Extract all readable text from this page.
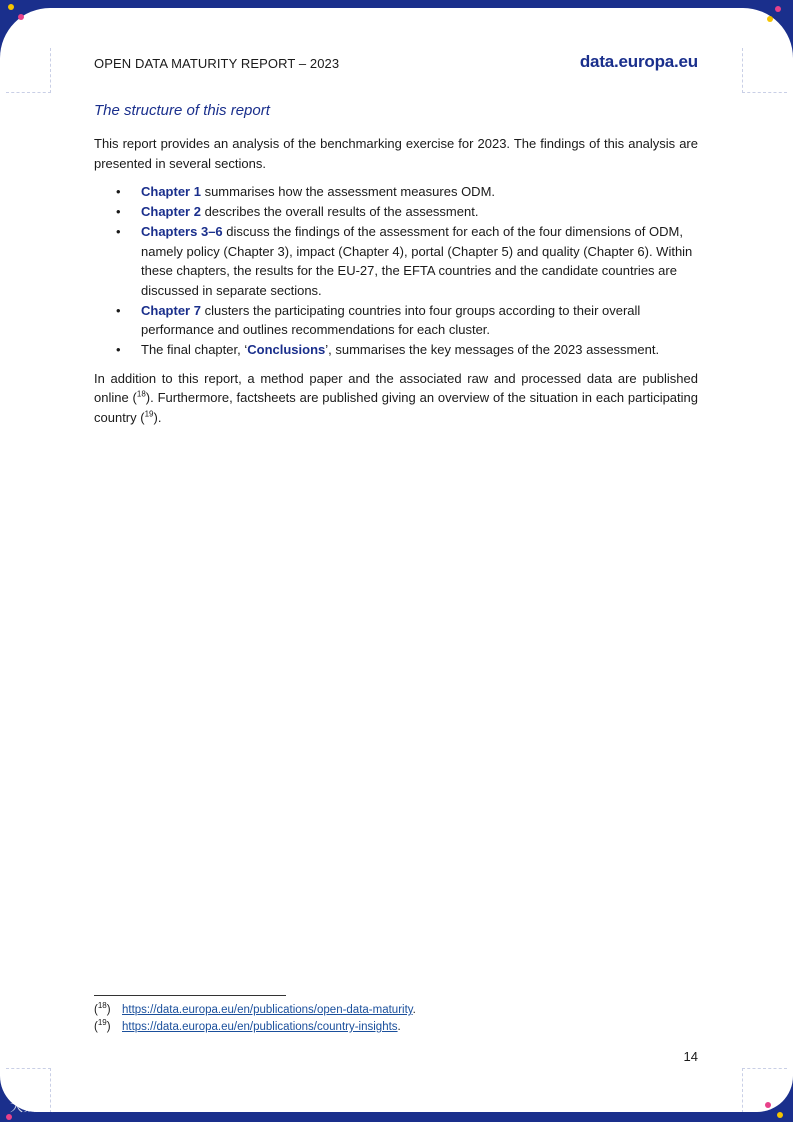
OPEN DATA MATURITY REPORT – 2023	data.europa.eu
The structure of this report

This report provides an analysis of the benchmarking exercise for 2023. The findings of this analysis are presented in several sections.

• Chapter 1 summarises how the assessment measures ODM.
• Chapter 2 describes the overall results of the assessment.
• Chapters 3–6 discuss the findings of the assessment for each of the four dimensions of ODM, namely policy (Chapter 3), impact (Chapter 4), portal (Chapter 5) and quality (Chapter 6). Within these chapters, the results for the EU-27, the EFTA countries and the candidate countries are discussed in separate sections.
• Chapter 7 clusters the participating countries into four groups according to their overall performance and outlines recommendations for each cluster.
• The final chapter, ‘Conclusions’, summarises the key messages of the 2023 assessment.

In addition to this report, a method paper and the associated raw and processed data are published online ($^{18}$). Furthermore, factsheets are published giving an overview of the situation in each participating country ($^{19}$).

($^{18}$) https://data.europa.eu/en/publications/open-data-maturity.
($^{19}$) https://data.europa.eu/en/publications/country-insights.
14
大数跨境
